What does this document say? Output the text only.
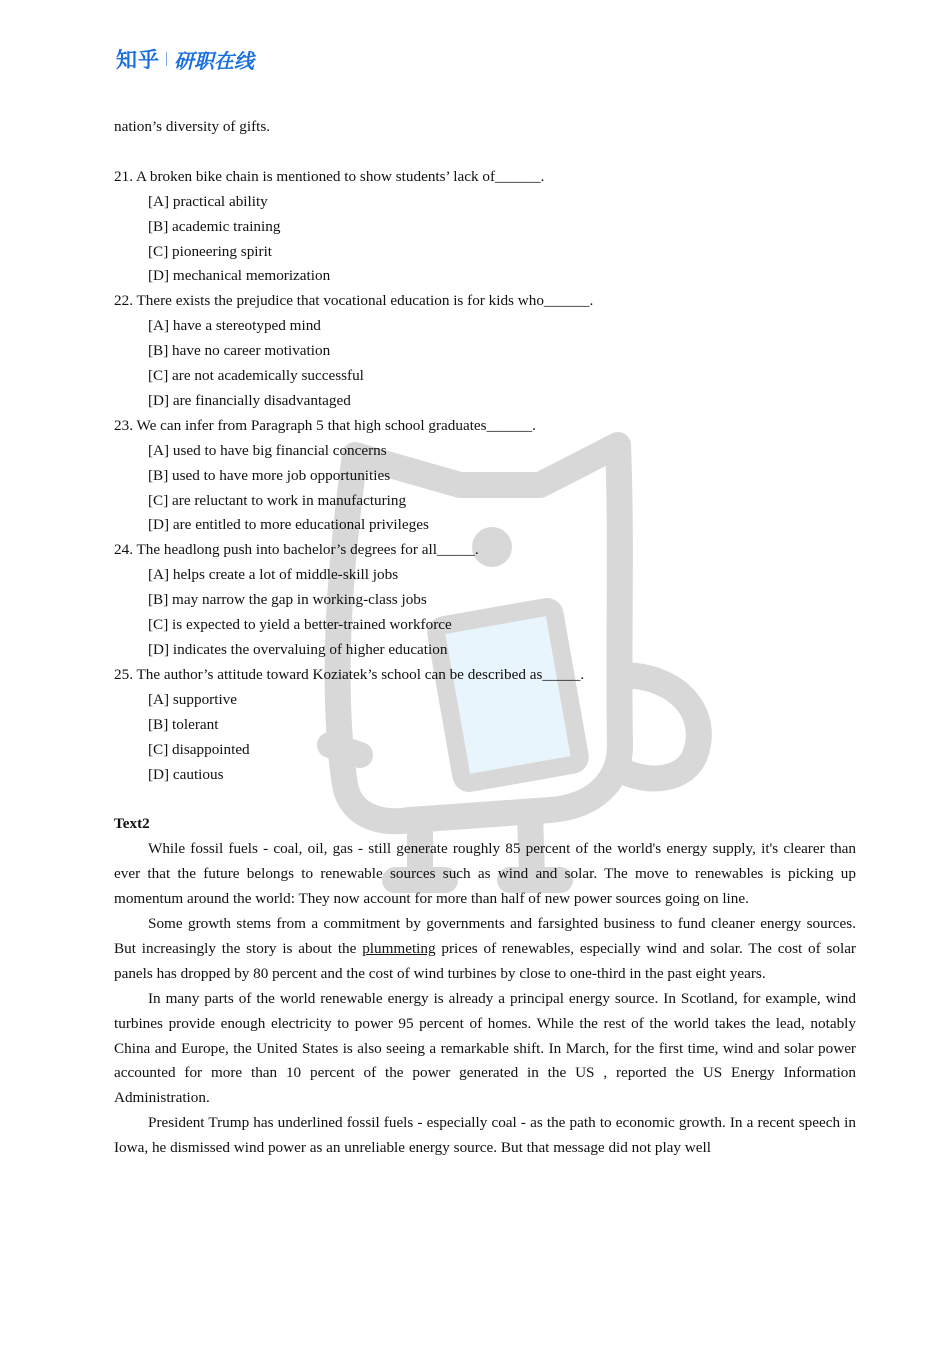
知乎 研职在线

nation’s diversity of gifts.

21. A broken bike chain is mentioned to show students’ lack of______.

[A] practical ability

[B] academic training

[C] pioneering spirit

[D] mechanical memorization

22. There exists the prejudice that vocational education is for kids who______.

[A] have a stereotyped mind

[B] have no career motivation

[C] are not academically successful

[D] are financially disadvantaged

23. We can infer from Paragraph 5 that high school graduates______.

[A] used to have big financial concerns

[B] used to have more job opportunities

[C] are reluctant to work in manufacturing

[D] are entitled to more educational privileges

24. The headlong push into bachelor’s degrees for all_____.

[A] helps create a lot of middle-skill jobs

[B] may narrow the gap in working-class jobs

[C] is expected to yield a better-trained workforce

[D] indicates the overvaluing of higher education

25. The author’s attitude toward Koziatek’s school can be described as_____.

[A] supportive

[B] tolerant

[C] disappointed

[D] cautious

Text2

While fossil fuels - coal, oil, gas - still generate roughly 85 percent of the world's energy supply, it's clearer than ever that the future belongs to renewable sources such as wind and solar. The move to renewables is picking up momentum around the world: They now account for more than half of new power sources going on line.

Some growth stems from a commitment by governments and farsighted business to fund cleaner energy sources. But increasingly the story is about the plummeting prices of renewables, especially wind and solar. The cost of solar panels has dropped by 80 percent and the cost of wind turbines by close to one-third in the past eight years.

In many parts of the world renewable energy is already a principal energy source. In Scotland, for example, wind turbines provide enough electricity to power 95 percent of homes. While the rest of the world takes the lead, notably China and Europe, the United States is also seeing a remarkable shift. In March, for the first time, wind and solar power accounted for more than 10 percent of the power generated in the US , reported the US Energy Information Administration.

President Trump has underlined fossil fuels - especially coal - as the path to economic growth. In a recent speech in Iowa, he dismissed wind power as an unreliable energy source. But that message did not play well
